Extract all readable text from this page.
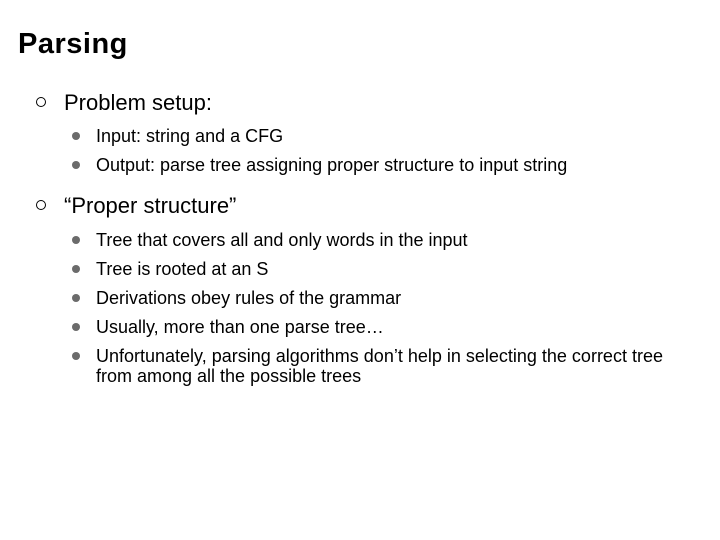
Parsing
Problem setup:
Input: string and a CFG
Output: parse tree assigning proper structure to input string
“Proper structure”
Tree that covers all and only words in the input
Tree is rooted at an S
Derivations obey rules of the grammar
Usually, more than one parse tree…
Unfortunately, parsing algorithms don’t help in selecting the correct tree from among all the possible trees
